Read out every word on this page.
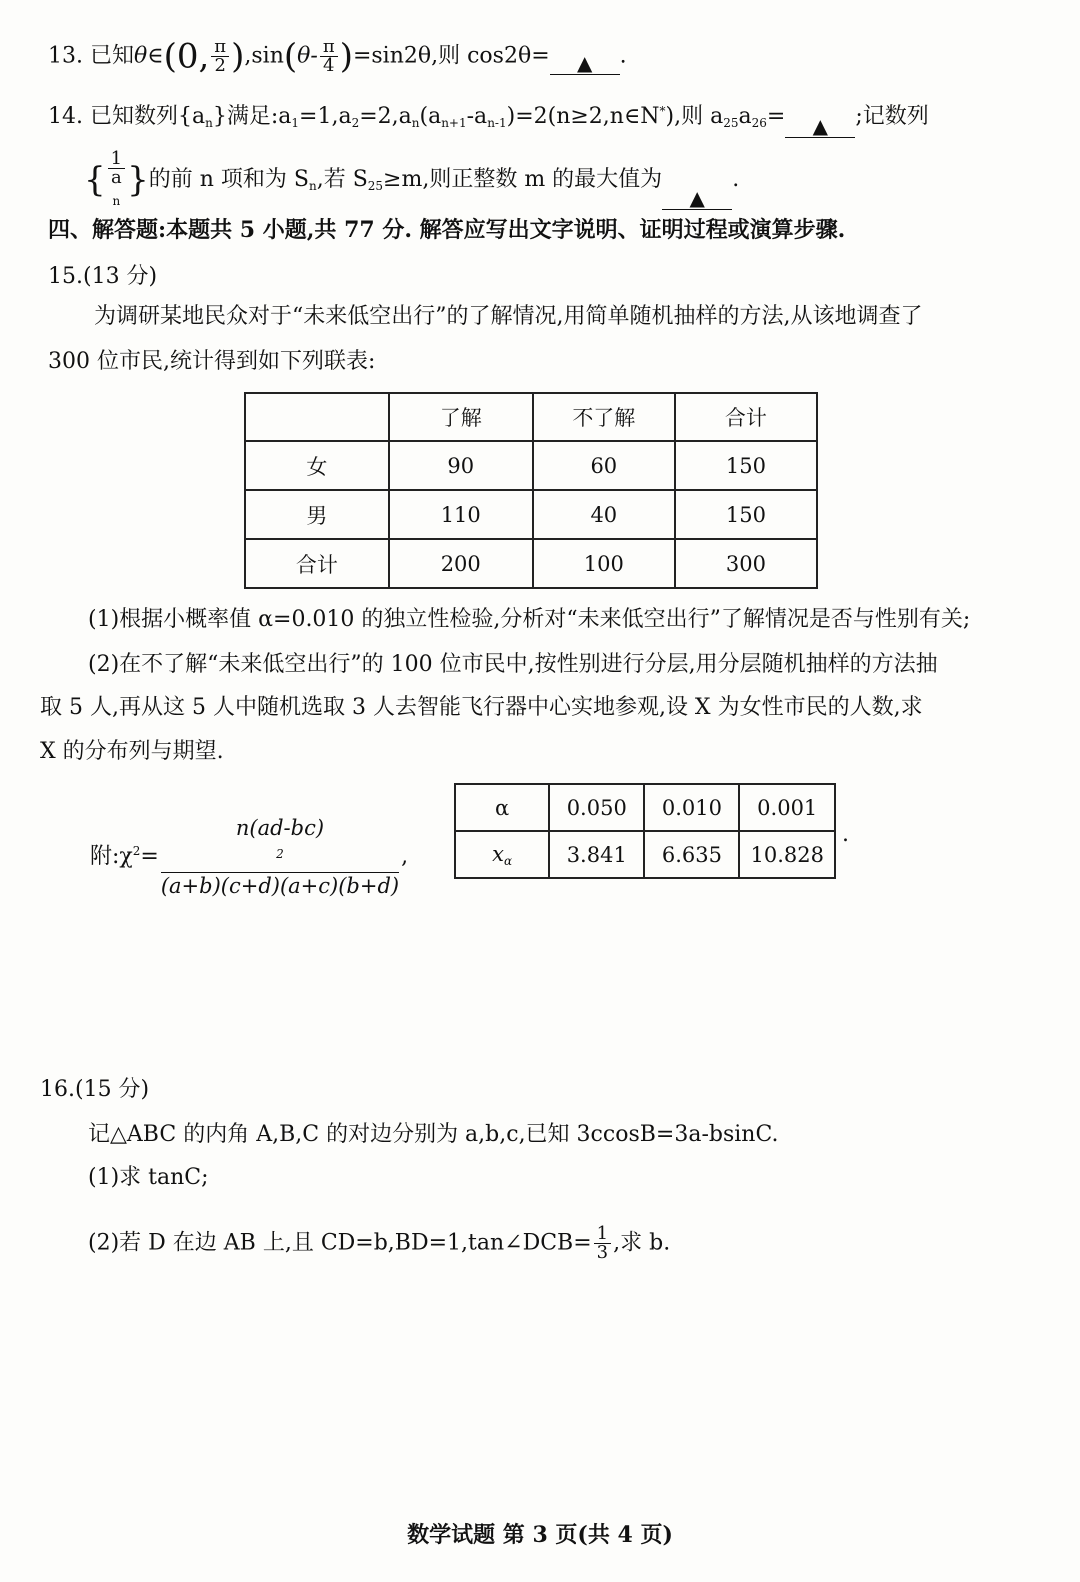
13. 已知θ∈(0, $\frac{\pi}{2} ),\sin(\theta- \frac{\pi}{4} )=\sin 2\theta$,则 cos2θ= ▲ .
14. 已知数列$\{a_n\}$满足$:a_1=1,a_2=2,a_n(a_{n+1}-a_{n-1})=2(n\ge 2,n\in N^*)$,则 $a_{25}a_{26}=$ ▲ ;记数列
{ 1
a
$_n$ }的前 n 项和为 $S_n$,若 $S_{25}\ge m$,则正整数 m 的最大值为▲.
四、解答题:本题共 5 小题,共 77 分. 解答应写出文字说明、证明过程或演算步骤.
15.(13 分)
为调研某地民众对于“未来低空出行”的了解情况,用简单随机抽样的方法,从该地调查了
300 位市民,统计得到如下列联表:
	了解	不了解	合计
女	90	60	150
男	110	40	150
合计	200	100	300
(1)根据小概率值 α=0.010 的独立性检验,分析对“未来低空出行”了解情况是否与性别有关;
(2)在不了解“未来低空出行”的 100 位市民中,按性别进行分层,用分层随机抽样的方法抽
取 5 人,再从这 5 人中随机选取 3 人去智能飞行器中心实地参观,设 X 为女性市民的人数,求
X 的分布列与期望.
附$:\chi^2= n(ad-bc)$
$^2$
(a+b)(c+d)(a+c)(b+d) ,
α	0.050	0.010	0.001
$x_\alpha$	3.841	6.635	10.828
.
16.(15 分)
记△ABC 的内角 A,B,C 的对边分别为 a,b,c,已知 3ccosB=3a-bsinC.
(1)求 tanC;
(2)若 D 在边 AB 上,且 CD=b,BD=1,tan∠DCB= $\frac{1}{3}$ ,求 b.
数学试题 第 3 页(共 4 页)
